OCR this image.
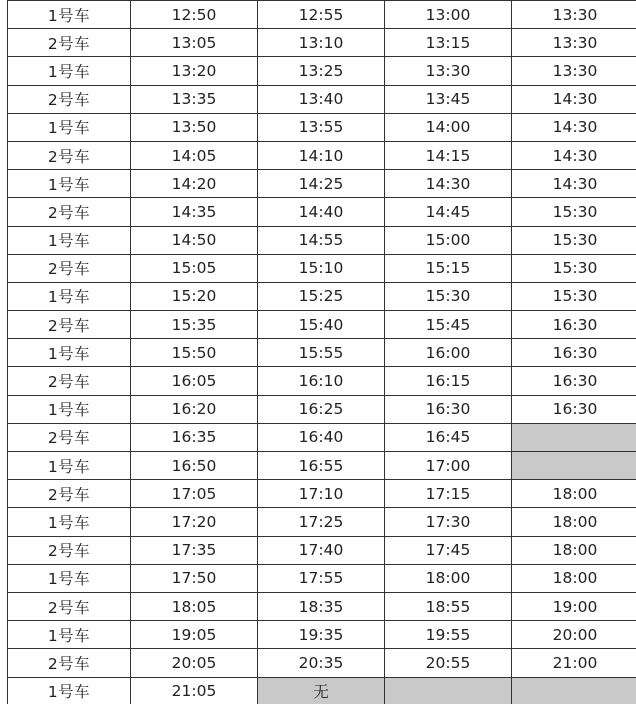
1号车	12:50	12:55	13:00	13:30
2号车	13:05	13:10	13:15	13:30
1号车	13:20	13:25	13:30	13:30
2号车	13:35	13:40	13:45	14:30
1号车	13:50	13:55	14:00	14:30
2号车	14:05	14:10	14:15	14:30
1号车	14:20	14:25	14:30	14:30
2号车	14:35	14:40	14:45	15:30
1号车	14:50	14:55	15:00	15:30
2号车	15:05	15:10	15:15	15:30
1号车	15:20	15:25	15:30	15:30
2号车	15:35	15:40	15:45	16:30
1号车	15:50	15:55	16:00	16:30
2号车	16:05	16:10	16:15	16:30
1号车	16:20	16:25	16:30	16:30
2号车	16:35	16:40	16:45	
1号车	16:50	16:55	17:00	
2号车	17:05	17:10	17:15	18:00
1号车	17:20	17:25	17:30	18:00
2号车	17:35	17:40	17:45	18:00
1号车	17:50	17:55	18:00	18:00
2号车	18:05	18:35	18:55	19:00
1号车	19:05	19:35	19:55	20:00
2号车	20:05	20:35	20:55	21:00
1号车	21:05	无		
